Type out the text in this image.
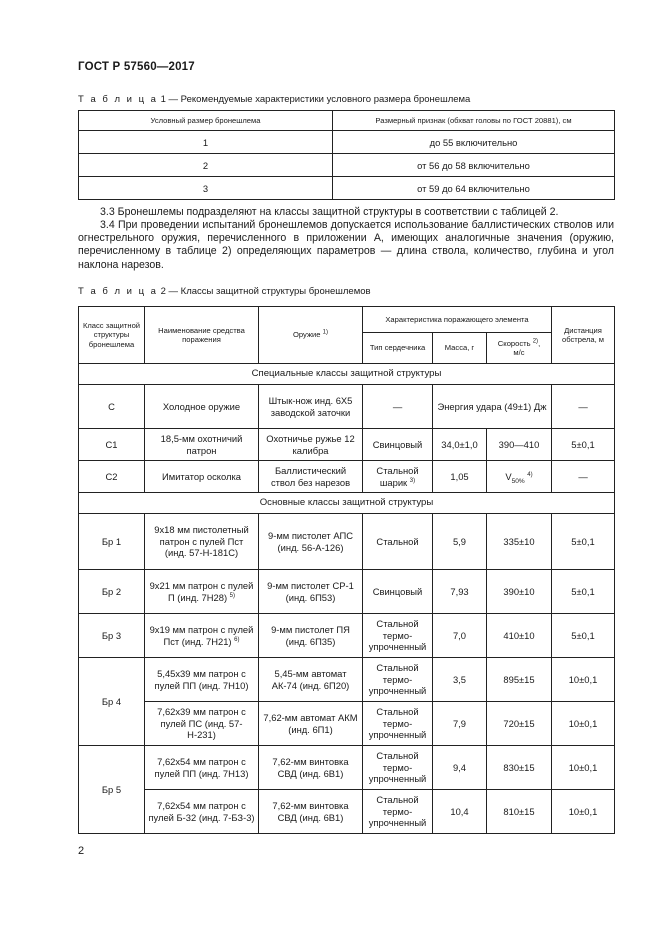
ГОСТ Р 57560—2017
Т а б л и ц а 1 — Рекомендуемые характеристики условного размера бронешлема
Условный размер бронешлема	Размерный признак (обхват головы по ГОСТ 20881), см
1	до 55 включительно
2	от 56 до 58 включительно
3	от 59 до 64 включительно
3.3 Бронешлемы подразделяют на классы защитной структуры в соответствии с таблицей 2.
3.4 При проведении испытаний бронешлемов допускается использование баллистических стволов или огнестрельного оружия, перечисленного в приложении А, имеющих аналогичные значения (оружию, перечисленному в таблице 2) определяющих параметров — длина ствола, количество, глубина и угол наклона нарезов.
Т а б л и ц а 2 — Классы защитной структуры бронешлемов
Класс защитной структуры бронешлема	Наименование средства поражения	Оружие $^{1)}$	Характеристика поражающего элемента			Дистанция обстрела, м
			Тип сердечника	Масса, г	Скорость $^{2)}$,
м/с	
Специальные классы защитной структуры						
С	Холодное оружие	Штык-нож инд. 6Х5 заводской заточки	—	Энергия удара (49±1) Дж		—
С1	18,5-мм охотничий патрон	Охотничье ружье 12 калибра	Свинцовый	34,0±1,0	390—410	5±0,1
С2	Имитатор осколка	Баллистический ствол без нарезов	Стальной шарик $^{3)}$	1,05	$V_{50\%}$ $^{4)}$	—
Основные классы защитной структуры						
Бр 1	9х18 мм пистолетный патрон с пулей Пст (инд. 57-Н-181С)	9-мм пистолет АПС (инд. 56-А-126)	Стальной	5,9	335±10	5±0,1
Бр 2	9х21 мм патрон с пулей П (инд. 7Н28) $^{5)}$	9-мм пистолет СР-1 (инд. 6П53)	Свинцовый	7,93	390±10	5±0,1
Бр 3	9х19 мм патрон с пулей Пст (инд. 7Н21) $^{6)}$	9-мм пистолет ПЯ (инд. 6П35)	Стальной термо-упрочненный	7,0	410±10	5±0,1
Бр 4	5,45х39 мм патрон с пулей ПП (инд. 7Н10)	5,45-мм автомат АК-74 (инд. 6П20)	Стальной термо-упрочненный	3,5	895±15	10±0,1
	7,62х39 мм патрон с пулей ПС (инд. 57-Н-231)	7,62-мм автомат АКМ (инд. 6П1)	Стальной термо-упрочненный	7,9	720±15	10±0,1
Бр 5	7,62х54 мм патрон с пулей ПП (инд. 7Н13)	7,62-мм винтовка СВД (инд. 6В1)	Стальной термо-упрочненный	9,4	830±15	10±0,1
	7,62х54 мм патрон с пулей Б-32 (инд. 7-БЗ-3)	7,62-мм винтовка СВД (инд. 6В1)	Стальной термо-упрочненный	10,4	810±15	10±0,1
2
